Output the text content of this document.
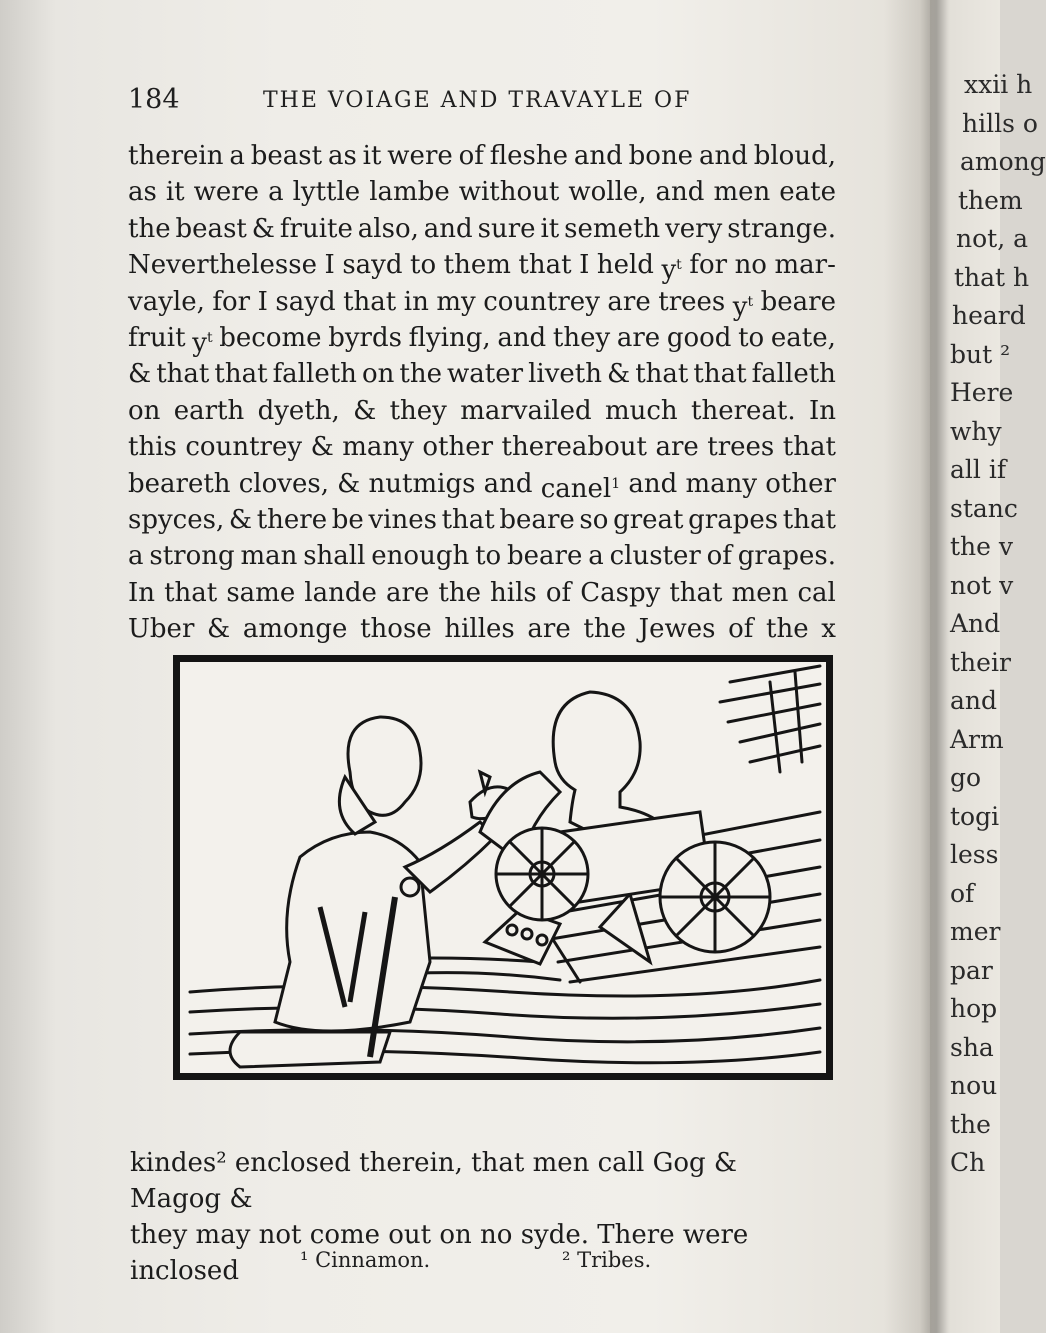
xxii h
hills o
among
them
not, a
that h
heard
but ²
Here
why
all if
stanc
the v
not v
And
their
and
Arm
go
togi
less
of
mer
par
hop
sha
nou
the
Ch
184	THE VOIAGE AND TRAVAYLE OF
therein a beast as it were of fleshe and bone and bloud,
as it were a lyttle lambe without wolle, and men eate
the beast & fruite also, and sure it semeth very strange.
Neverthelesse I sayd to them that I held $y^t$ for no mar-
vayle, for I sayd that in my countrey are trees $y^t$ beare
fruit $y^t$ become byrds flying, and they are good to eate,
& that that falleth on the water liveth & that that falleth
on earth dyeth, & they marvailed much thereat. In
this countrey & many other thereabout are trees that
beareth cloves, & nutmigs and canel$^1$ and many other
spyces, & there be vines that beare so great grapes that
a strong man shall enough to beare a cluster of grapes.
In that same lande are the hils of Caspy that men cal
Uber & amonge those hilles are the Jewes of the x
kindes² enclosed therein, that men call Gog & Magog &
they may not come out on no syde. There were inclosed	¹ Cinnamon.	² Tribes.
